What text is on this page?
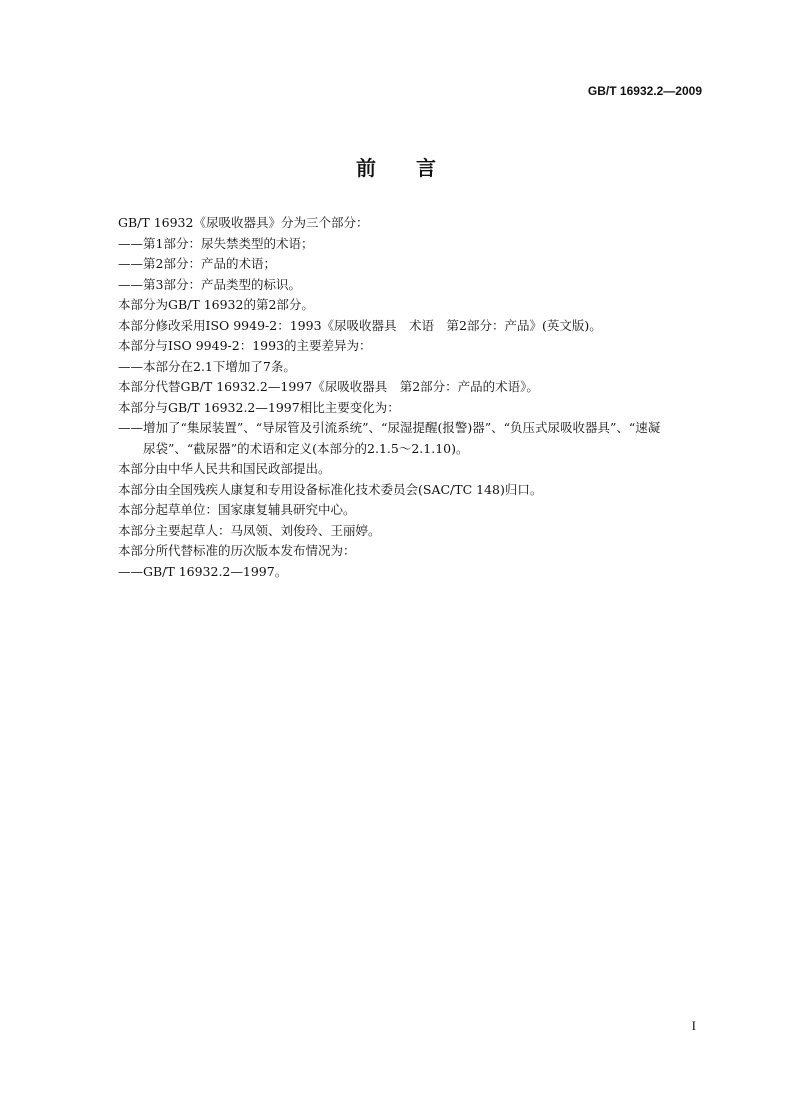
GB/T 16932.2—2009
前言
GB/T 16932《尿吸收器具》分为三个部分：
——第1部分：尿失禁类型的术语；
——第2部分：产品的术语；
——第3部分：产品类型的标识。
本部分为GB/T 16932的第2部分。
本部分修改采用ISO 9949-2：1993《尿吸收器具　术语　第2部分：产品》(英文版)。
本部分与ISO 9949-2：1993的主要差异为：
——本部分在2.1下增加了7条。
本部分代替GB/T 16932.2—1997《尿吸收器具　第2部分：产品的术语》。
本部分与GB/T 16932.2—1997相比主要变化为：
——增加了“集尿装置”、“导尿管及引流系统”、“尿湿提醒(报警)器”、“负压式尿吸收器具”、“速凝
尿袋”、“截尿器”的术语和定义(本部分的2.1.5～2.1.10)。
本部分由中华人民共和国民政部提出。
本部分由全国残疾人康复和专用设备标准化技术委员会(SAC/TC 148)归口。
本部分起草单位：国家康复辅具研究中心。
本部分主要起草人：马凤领、刘俊玲、王丽婷。
本部分所代替标准的历次版本发布情况为：
——GB/T 16932.2—1997。
I
